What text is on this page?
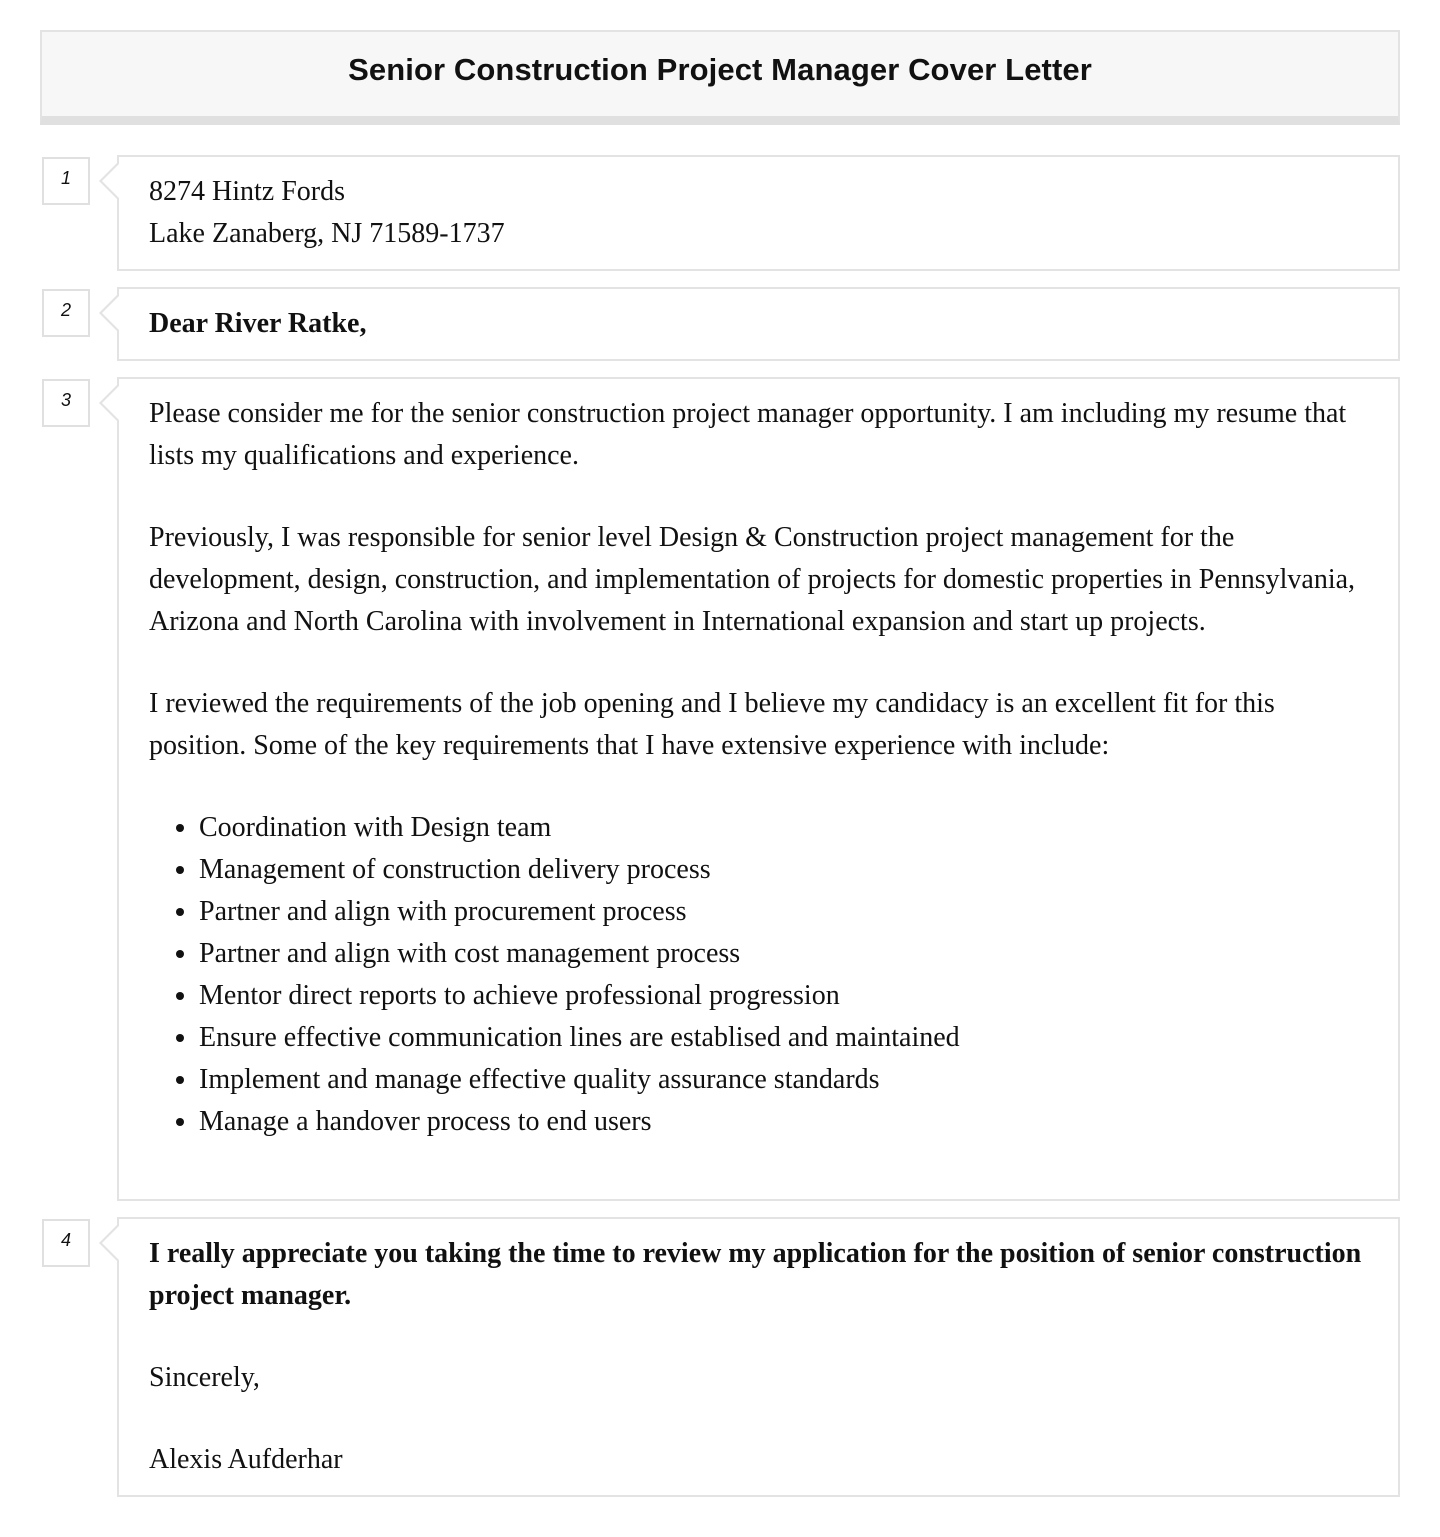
Senior Construction Project Manager Cover Letter
1	8274 Hintz Fords

Lake Zanaberg, NJ 71589-1737

2	Dear River Ratke,

3	Please consider me for the senior construction project manager opportunity. I am including my resume that lists my qualifications and experience.

Previously, I was responsible for senior level Design & Construction project management for the development, design, construction, and implementation of projects for domestic properties in Pennsylvania, Arizona and North Carolina with involvement in International expansion and start up projects.

I reviewed the requirements of the job opening and I believe my candidacy is an excellent fit for this position. Some of the key requirements that I have extensive experience with include:

• Coordination with Design team
• Management of construction delivery process
• Partner and align with procurement process
• Partner and align with cost management process
• Mentor direct reports to achieve professional progression
• Ensure effective communication lines are establised and maintained
• Implement and manage effective quality assurance standards
• Manage a handover process to end users
4	I really appreciate you taking the time to review my application for the position of senior construction project manager.

Sincerely,

Alexis Aufderhar
